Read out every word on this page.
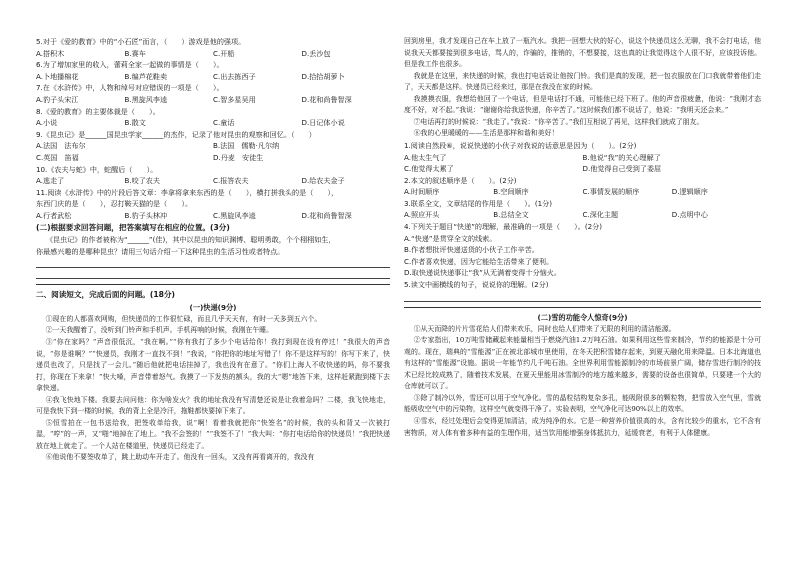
5.对于《爱的教育》中的“小石匠”而言，（　　）游戏是他的强项。
A.搭积木	B.赛车	C.开船	D.丢沙包
6.为了增加家里的收入，蕾莉全家一起做的事情是（　　）。
A.卜地播棉花	B.编芦花鞋卖	C.出去拣西子	D.拾拾胡萝卜
7.在《水浒传》中，人物和绰号对应错误的一项是（　　）。
A.豹子头宋江	B.黑旋风李逵	C.智多星吴用	D.花和尚鲁智深
8.《爱的教育》的主要体裁是（　　）。
A.小说	B.散文	C.童话	D.日记体小说
9.《昆虫记》是______国昆虫学家______的杰作，记录了他对昆虫的观察和回忆。（　　）
A.法国　法布尔	B.法国　儒勒·凡尔纳
C.英国　笛福	D.丹麦　安徒生
10.《农夫与蛇》中，蛇醒后（　　）。
A.逃走了	B.咬了农夫	C.报答农夫	D.给农夫金子
11.阅读《水浒传》中的片段后答文章：李拿将拿来东西的是（　　），横打拼我头的是（　　），
东西门庆的是（　　），忍打鞍天猫的是（　　）。
A.行者武松	B.豹子头林冲	C.黑旋风李逵	D.花和尚鲁智深
(二)根据要求回答问题，把答案填写在相应的位置。(3分)
《昆虫记》的作者被称为“______”(佳)，其中以昆虫的知识渊博、聪明勇敢，个个栩栩如生，
你最感兴趣的是哪种昆虫？请用三句话介绍一下这种昆虫的生活习性或者特点。
二、阅读短文，完成后面的问题。(18分)
(一)快递(9分)
①现在的人都喜欢网购，但快递员的工作很忙碌，而且几乎天天有，有时一天多到五六个。
②一天我醒着了，没听到门铃声和手机声。手机再响的时候，我刚在午睡。
③“你在家吗？”声音很低沉，“我在啊。”“你有我打了多少个电话给你！我打到现在没有停过！”我很大的声音说，“你是谁啊？”“快递员，我刚才一直找不到！”我说，“你把你的地址写错了！你不是这样写的！你写下来了，快递员也改了，只是找了一会儿。”随后他就把电话挂掉了，我也没有在意了。“你们上海人不收快递的吗，你不要我打，你现在下来拿！”快大嗓，声音带着怒气。我摸了一下发热的额头，我的大“嗯”地答下来，这样赶紧跑到楼下去拿快递。
④我飞快地下楼。我要去问问他：你为啥发火？我的地址我没有写清楚还说是让我着急吗？二楼，我飞快地走，可是我快下到一楼的时候，我的背上全是冷汗，拖鞋都快要掉下来了。
⑤恒雪拍在一包书送给我，把签收单给我，说“啊！看着我就把你“快签名”的时候，我的头和背又一次被打湿，“哼”的一声，又“啪”地掉在了地上。“我不会签的！”“我签不了！”我大叫：“你打电话给你的快递员！”我把快递放在地上就走了。一个人站在楼道里，快递员已经走了。
⑥他说他不要签收单了，跳上助动车开走了。他没有一回头，又没有再看离开的，我没有
回到房里，我才发现自己在车上放了一瓶汽水。我把一回想大伙的好心，说这个快递员这么无聊，我不会打电话，他说我天天都要接到很多电话，骂人的，诈骗的，推销的，不想要接，这也真的让我觉得这个人很不好，应该投诉他。但是我工作也很多。
我就是在这里，来快递的时候，我也打电话说让他按门铃。我们是真的发现，把一包衣服放在门口我就带着他们走了，天天都是这样。快递员已经来过，那是在我没在家的时候。
我摸摸衣服，我想给他回了一个电话，但是电话打不通，可能他已经下班了。他的声音很疲惫，他说：“我刚才态度不好，对不起。”我说：“谢谢你给我送快递，你辛苦了。”这时候我们都不说话了，他说：“我明天还会来。”
⑦电话再打的时候说：“我走了。”我说：“你辛苦了。”我们互相说了再见，这样我们就成了朋友。
⑧我的心里暖暖的——生活是那样和谐和美好！
1.阅读自然段⑥，说说快递的小伙子对我说的话意思是因为（　　）。(2分)
A.他太生气了	B.他说“我”的关心理解了
C.他觉得太累了	D.他觉得自己受到了委屈
2.本文的叙述顺序是（　　）。(2分)
A.时间顺序	B.空间顺序	C.事情发展的顺序	D.逻辑顺序
3.联系全文，文章结尾的作用是（　　）。(1分)
A.照应开头	B.总结全文	C.深化主题	D.点明中心
4.下列关于题目“快递”的理解，最准确的一项是（　　）。(2分)
A.“快递”是贯穿全文的线索。
B.作者想批评快递送货的小伙子工作辛苦。
C.作者喜欢快递，因为它能给生活带来了便利。
D.取快递说快递事让“我”从无满着变得十分恼火。
5.读文中画横线的句子，说说你的理解。(2分)
(二)雪的功能令人惊奇(9分)
①从天而降的片片雪花给人们带来欢乐，同时也给人们带来了无限的利用的清洁能源。
②专家指出，10万吨雪储藏起来能量相当于燃烧汽油1.2万吨石油。如果利用这些雪来制冷，节约的能源是十分可观的。现在，瑞典的“雪能源”正在被北部城市里使用，在冬天把积雪储存起来，到夏天融化用来降温。日本北海道也有这样的“雪能源”设施。据说一年能节约几千吨石油。全世界利用雪能源制冷的市场前景广阔，储存雪进行制冷的技术已经比较成熟了，随着技术发展，在夏天里能用冰雪制冷的地方越来越多，需要的设备也很简单，只要建一个大的仓库就可以了。
③除了制冷以外，雪还可以用于空气净化。雪的晶粒结构复杂多孔，能吸附很多的颗粒物，把雪放入空气里，雪就能吸收空气中的污染物，这样空气就变得干净了。实验表明，空气净化可达90%以上的效率。
④雪水，经过处理后会变得更加清洁，成为纯净的水。它是一种营养价值很高的水，含有比较少的重水，它不含有害物质，对人体有着多种有益的生理作用，适当饮用能增强身体抵抗力，延缓衰老，有利于人体健康。
